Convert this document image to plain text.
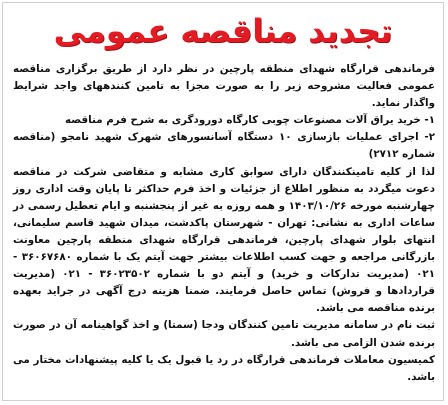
تجدید مناقصه عمومی

فرماندهی قرارگاه شهدای منطقه پارچین در نظر دارد از طریق برگزاری مناقصه عمومی فعالیت مشروحه زیر را به صورت مجزا به تامین کنندههای واجد شرایط واگذار نماید.

۱- خرید یراق آلات مصنوعات چوبی کارگاه دورودگری به شرح فرم مناقصه

۲- اجرای عملیات بازسازی ۱۰ دستگاه آسانسورهای شهرک شهید نامجو (مناقصه شماره ۲۷۱۲)

لذا از کلیه تامینکنندگان دارای سوابق کاری مشابه و متقاضی شرکت در مناقصه دعوت میگردد به منظور اطلاع از جزئیات و اخذ فرم حداکثر تا پایان وقت اداری روز چهارشنبه مورخه ۱۴۰۳/۱۰/۲۶ و همه روزه به غیر از پنجشنبه و ایام تعطیل رسمی در ساعات اداری به نشانی: تهران - شهرستان پاکدشت، میدان شهید قاسم سلیمانی، انتهای بلوار شهدای پارچین، فرماندهی قرارگاه شهدای منطقه پارچین معاونت بازرگانی مراجعه و جهت کسب اطلاعات بیشتر جهت آیتم یک با شماره ۳۶۰۶۷۶۸۰ - ۰۲۱ (مدیریت تدارکات و خرید) و آیتم دو با شماره ۳۶۰۲۳۵۰۲ - ۰۲۱ (مدیریت قراردادها و فروش) تماس حاصل فرمایند. ضمنا هزینه درج آگهی در جراید بعهده برنده مناقصه می باشد.

ثبت نام در سامانه مدیریت تامین کنندگان ودجا (سمتا) و اخذ گواهینامه آن در صورت برنده شدن الزامی می باشد.

کمیسیون معاملات فرماندهی قرارگاه در رد یا قبول یک یا کلیه پیشنهادات مختار می باشد.
